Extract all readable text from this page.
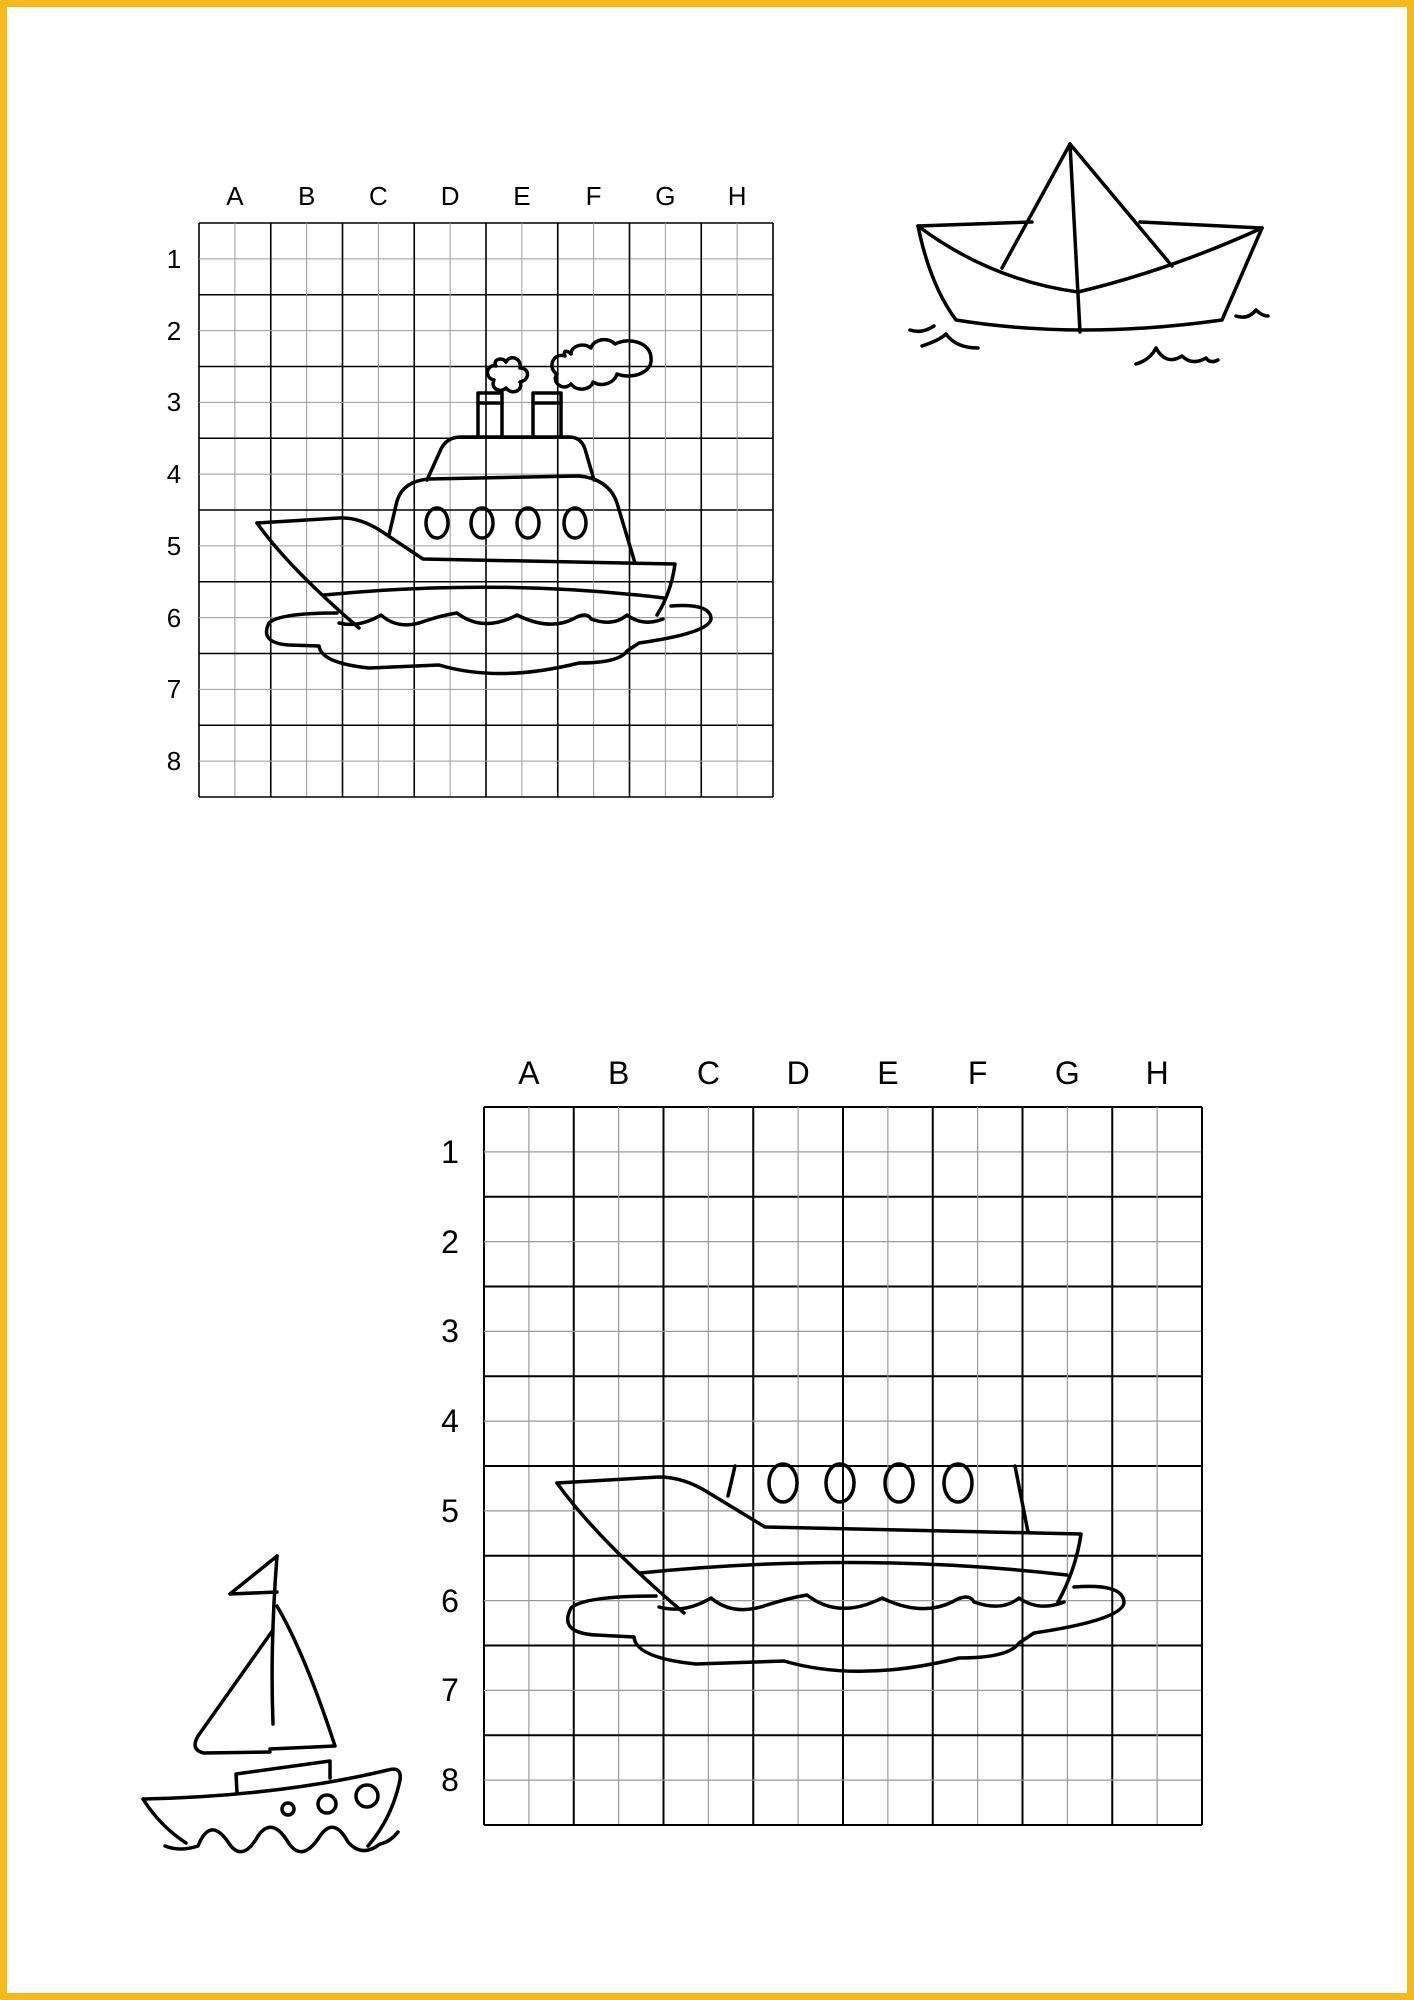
A	B	C	D	E	F	G	H
1
2
3
4
5
6
7
8
A	B	C	D	E	F	G	H
1
2
3
4
5
6
7
8
